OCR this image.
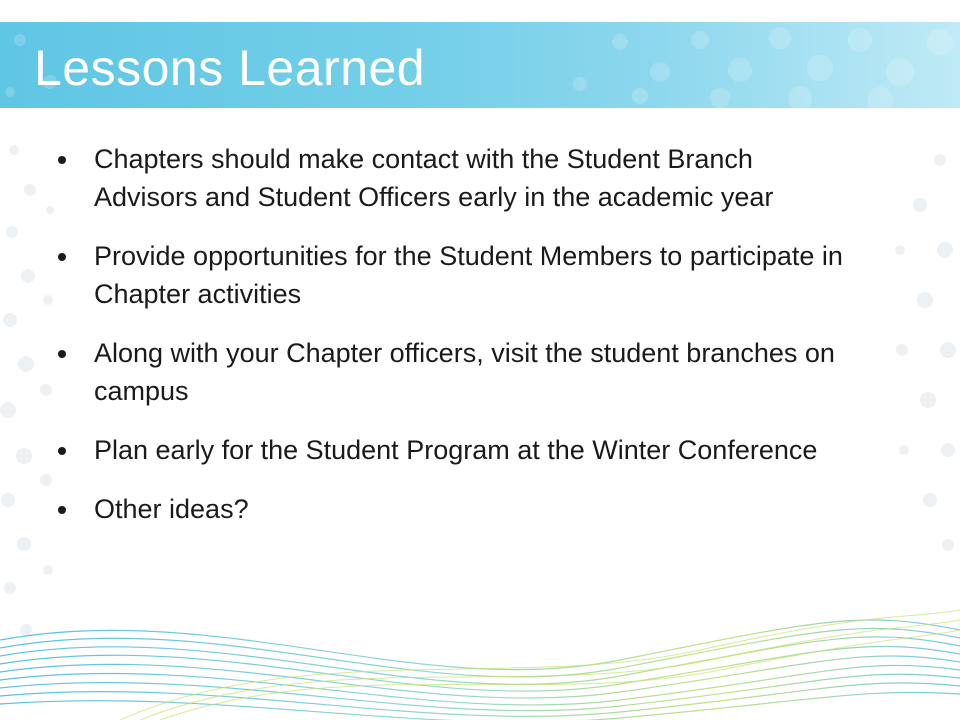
Lessons Learned
Chapters should make contact with the Student Branch Advisors and Student Officers early in the academic year
Provide opportunities for the Student Members to participate in Chapter activities
Along with your Chapter officers, visit the student branches on campus
Plan early for the Student Program at the Winter Conference
Other ideas?
